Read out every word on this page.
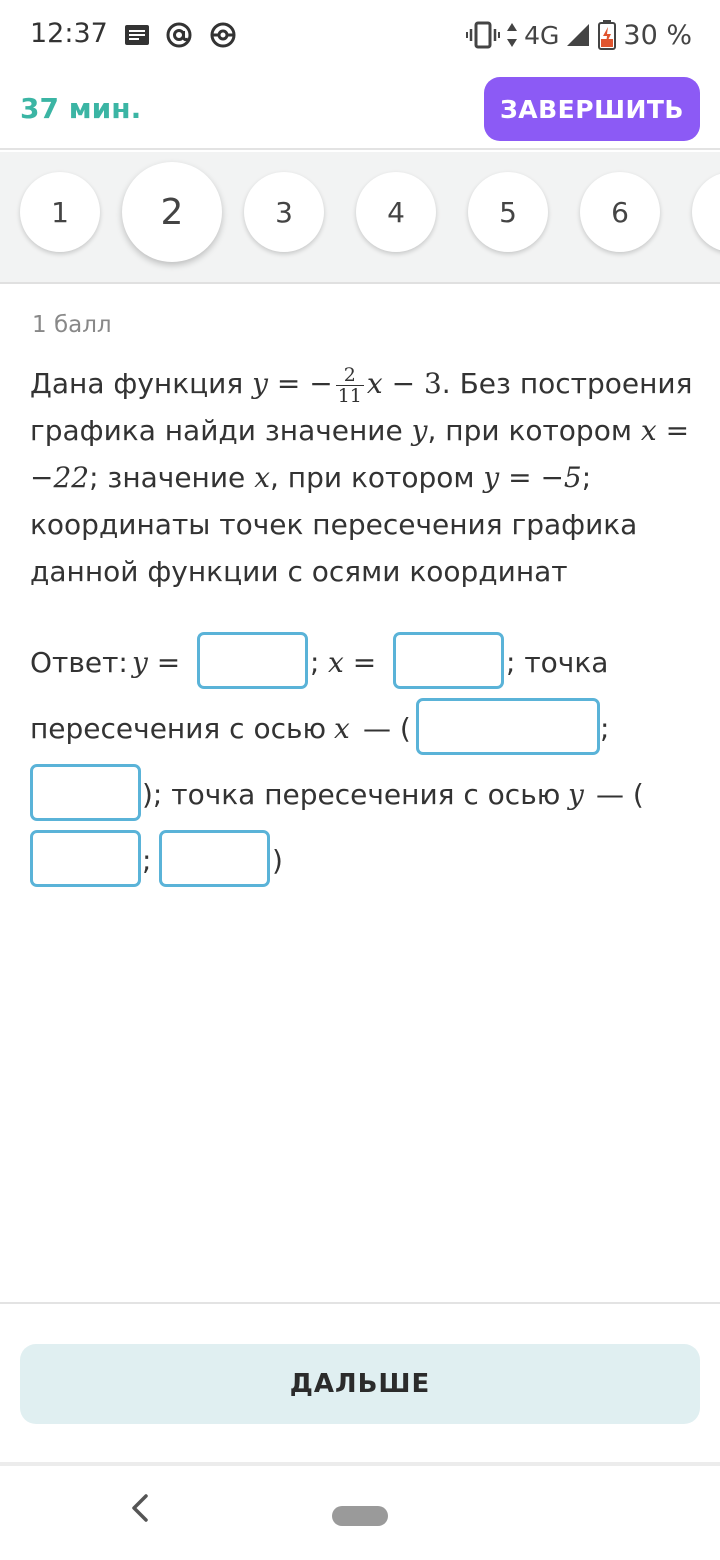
12:37	4G 30 %
37 мин.	ЗАВЕРШИТЬ
1	2	3	4	5	6
1 балл
Дана функция y = − $\frac{2}{11}$ x − 3. Без построения графика найди значение y, при котором x = −22; значение x, при котором y = −5; координаты точек пересечения графика данной функции с осями координат
Ответ: y =	; x =	; точка
пересечения с осью x — (	;
); точка пересечения с осью y — (
;	)
ДАЛЬШЕ
